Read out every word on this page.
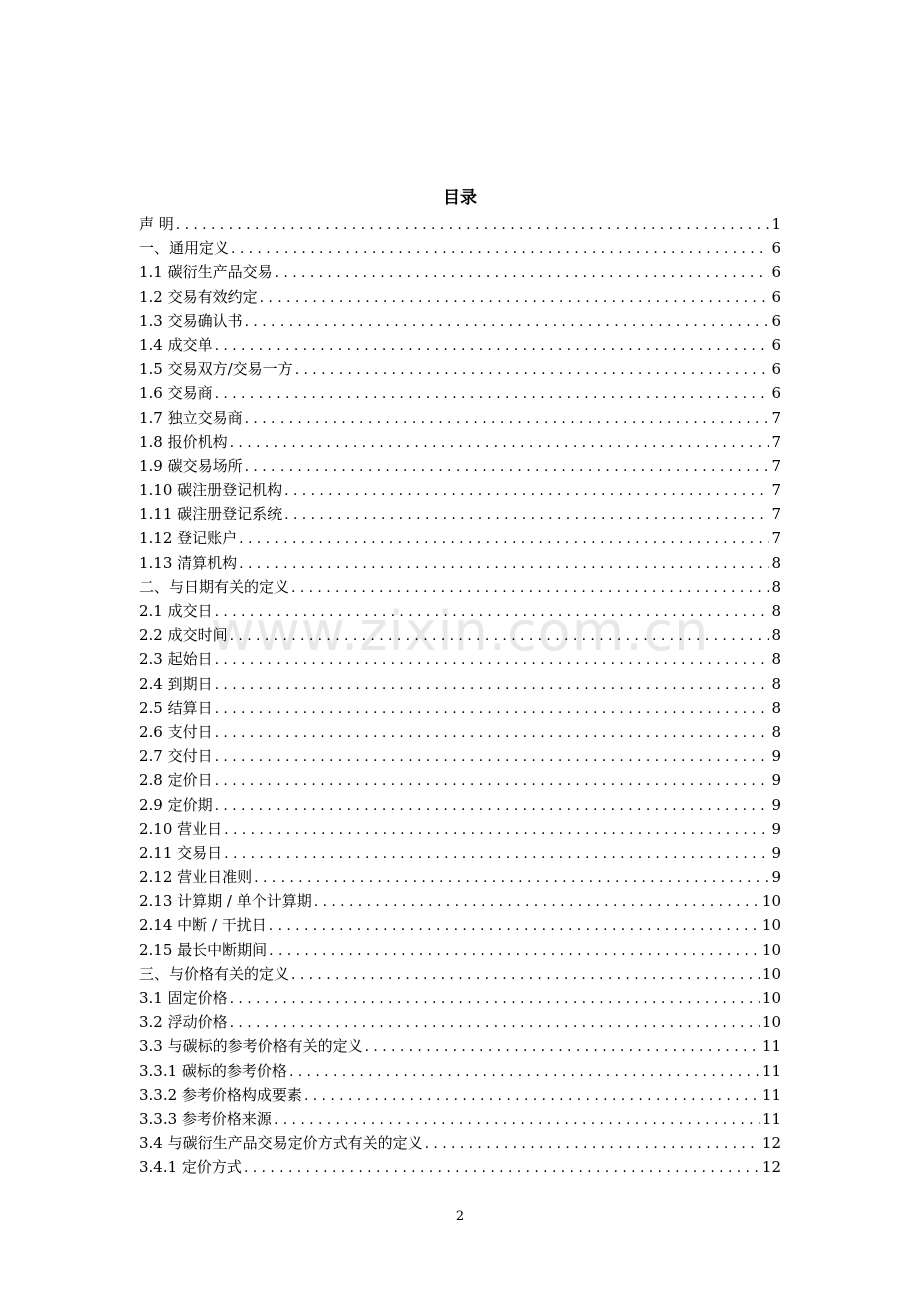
www.zixin.com.cn
目录
声 明 .....	1
一、通用定义 .....	6
1.1 碳衍生产品交易 .....	6
1.2 交易有效约定 .....	6
1.3 交易确认书 .....	6
1.4 成交单 .....	6
1.5 交易双方/交易一方 .....	6
1.6 交易商 .....	6
1.7 独立交易商 .....	7
1.8 报价机构 .....	7
1.9 碳交易场所 .....	7
1.10 碳注册登记机构 .....	7
1.11 碳注册登记系统 .....	7
1.12 登记账户 .....	7
1.13 清算机构 .....	8
二、与日期有关的定义 .....	8
2.1 成交日 .....	8
2.2 成交时间 .....	8
2.3 起始日 .....	8
2.4 到期日 .....	8
2.5 结算日 .....	8
2.6 支付日 .....	8
2.7 交付日 .....	9
2.8 定价日 .....	9
2.9 定价期 .....	9
2.10 营业日 .....	9
2.11 交易日 .....	9
2.12 营业日准则 .....	9
2.13 计算期 / 单个计算期 .....	10
2.14 中断 / 干扰日 .....	10
2.15 最长中断期间 .....	10
三、与价格有关的定义 .....	10
3.1 固定价格 .....	10
3.2 浮动价格 .....	10
3.3 与碳标的参考价格有关的定义 .....	11
3.3.1 碳标的参考价格 .....	11
3.3.2 参考价格构成要素 .....	11
3.3.3 参考价格来源 .....	11
3.4 与碳衍生产品交易定价方式有关的定义 .....	12
3.4.1 定价方式 .....	12
2
